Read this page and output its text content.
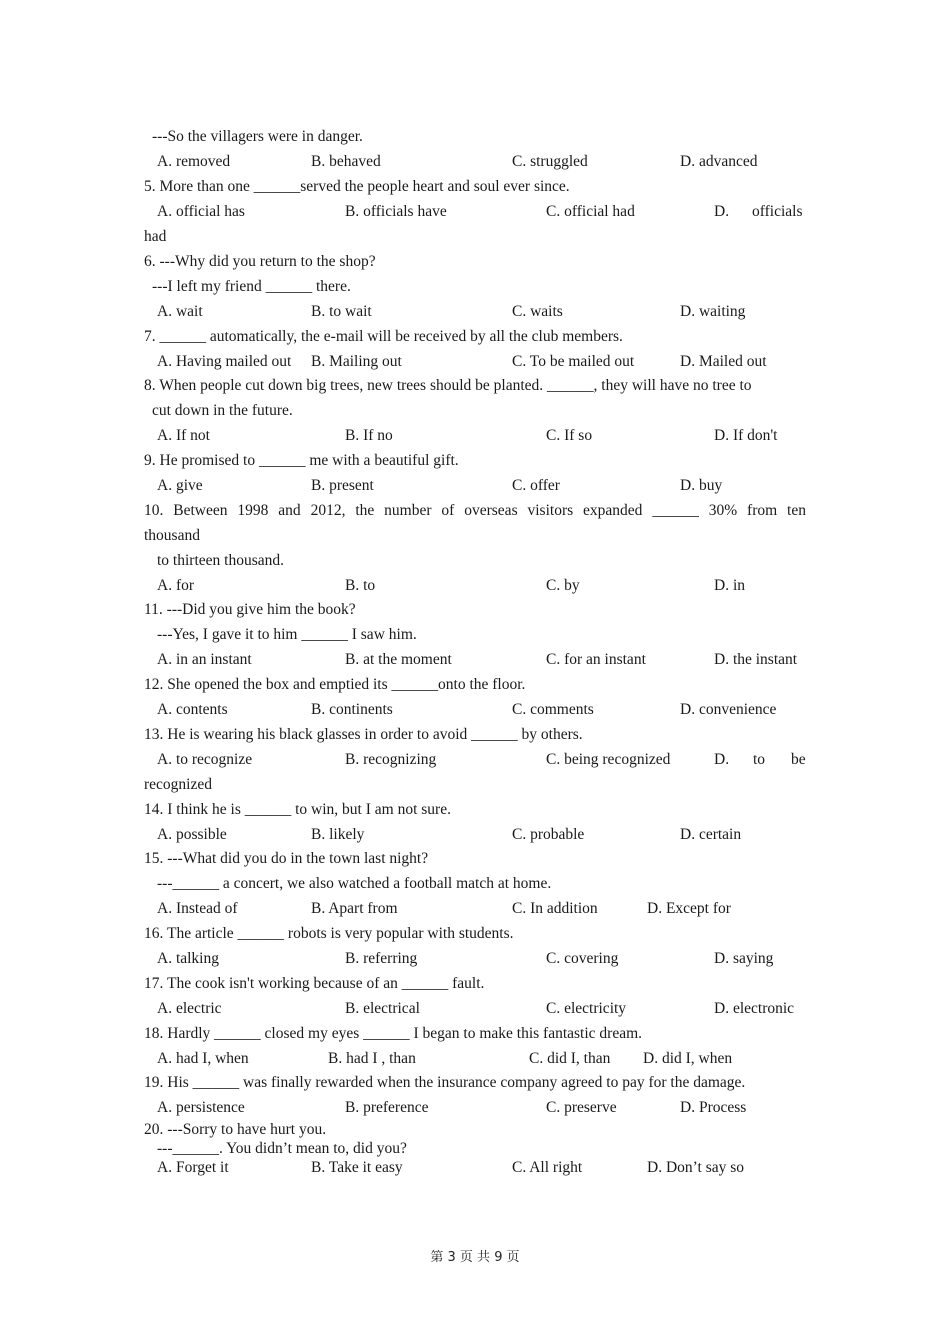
---So the villagers were in danger.
A. removed	B. behaved	C. struggled	D. advanced
5. More than one ______served the people heart and soul ever since.
A. official has	B. officials have	C. official had	D. officials
had
6. ---Why did you return to the shop?
---I left my friend ______ there.
A. wait	B. to wait	C. waits	D. waiting
7. ______ automatically, the e-mail will be received by all the club members.
A. Having mailed out B. Mailing out	C. To be mailed out	D. Mailed out
8. When people cut down big trees, new trees should be planted. ______, they will have no tree to
cut down in the future.
A. If not	B. If no	C. If so	D. If don't
9. He promised to ______ me with a beautiful gift.
A. give	B. present	C. offer	D. buy
10. Between 1998 and 2012, the number of overseas visitors expanded ______ 30% from ten
thousand
to thirteen thousand.
A. for	B. to	C. by	D. in
11. ---Did you give him the book?
---Yes, I gave it to him ______ I saw him.
A. in an instant	B. at the moment	C. for an instant	D. the instant
12. She opened the box and emptied its ______onto the floor.
A. contents	B. continents	C. comments	D. convenience
13. He is wearing his black glasses in order to avoid ______ by others.
A. to recognize	B. recognizing	C. being recognized	D. to be
recognized
14. I think he is ______ to win, but I am not sure.
A. possible	B. likely	C. probable	D. certain
15. ---What did you do in the town last night?
---______ a concert, we also watched a football match at home.
A. Instead of	B. Apart from	C. In addition	D. Except for
16. The article ______ robots is very popular with students.
A. talking	B. referring	C. covering	D. saying
17. The cook isn't working because of an ______ fault.
A. electric	B. electrical	C. electricity	D. electronic
18. Hardly ______ closed my eyes ______ I began to make this fantastic dream.
A. had I, when	B. had I , than	C. did I, than D. did I, when
19. His ______ was finally rewarded when the insurance company agreed to pay for the damage.
A. persistence	B. preference	C. preserve	D. Process
20. ---Sorry to have hurt you.
---______. You didn’t mean to, did you?
A. Forget it	B. Take it easy	C. All right	D. Don’t say so
第 3 页 共 9 页
